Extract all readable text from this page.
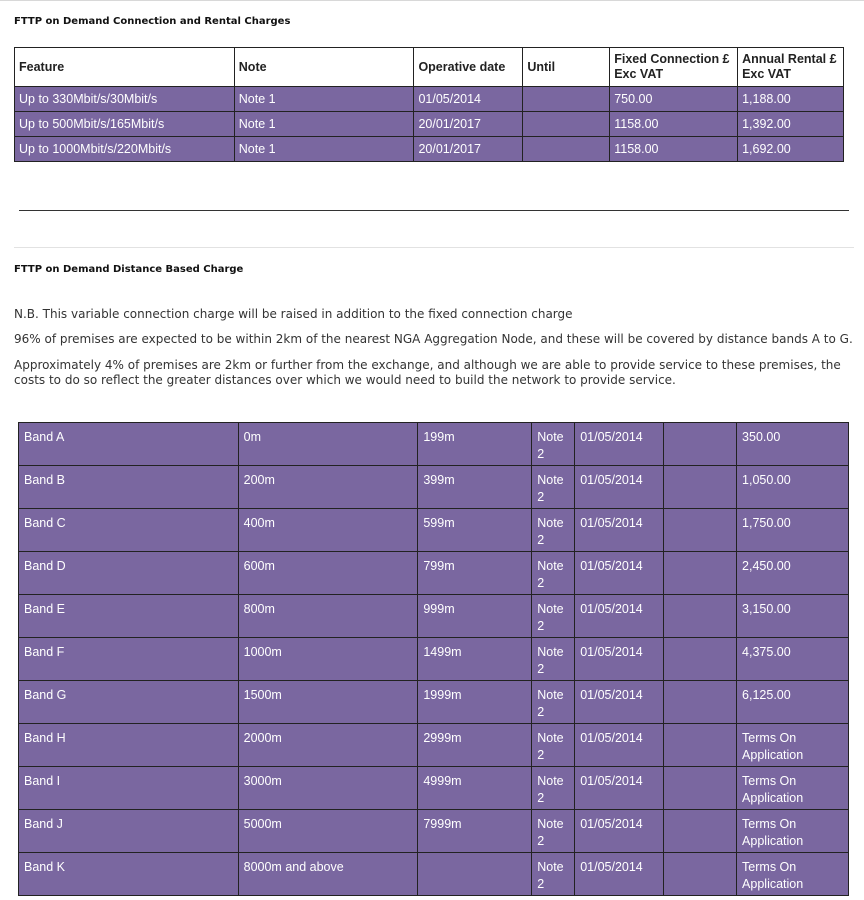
FTTP on Demand Connection and Rental Charges
Feature	Note	Operative date	Until	Fixed Connection £ Exc VAT	Annual Rental £ Exc VAT
Up to 330Mbit/s/30Mbit/s	Note 1	01/05/2014		750.00	1,188.00
Up to 500Mbit/s/165Mbit/s	Note 1	20/01/2017		1158.00	1,392.00
Up to 1000Mbit/s/220Mbit/s	Note 1	20/01/2017		1158.00	1,692.00
FTTP on Demand Distance Based Charge
N.B. This variable connection charge will be raised in addition to the fixed connection charge
96% of premises are expected to be within 2km of the nearest NGA Aggregation Node, and these will be covered by distance bands A to G.
Approximately 4% of premises are 2km or further from the exchange, and although we are able to provide service to these premises, the costs to do so reflect the greater distances over which we would need to build the network to provide service.
Band A	0m	199m	Note 2	01/05/2014		350.00
Band B	200m	399m	Note 2	01/05/2014		1,050.00
Band C	400m	599m	Note 2	01/05/2014		1,750.00
Band D	600m	799m	Note 2	01/05/2014		2,450.00
Band E	800m	999m	Note 2	01/05/2014		3,150.00
Band F	1000m	1499m	Note 2	01/05/2014		4,375.00
Band G	1500m	1999m	Note 2	01/05/2014		6,125.00
Band H	2000m	2999m	Note 2	01/05/2014		Terms On Application
Band I	3000m	4999m	Note 2	01/05/2014		Terms On Application
Band J	5000m	7999m	Note 2	01/05/2014		Terms On Application
Band K	8000m and above		Note 2	01/05/2014		Terms On Application
